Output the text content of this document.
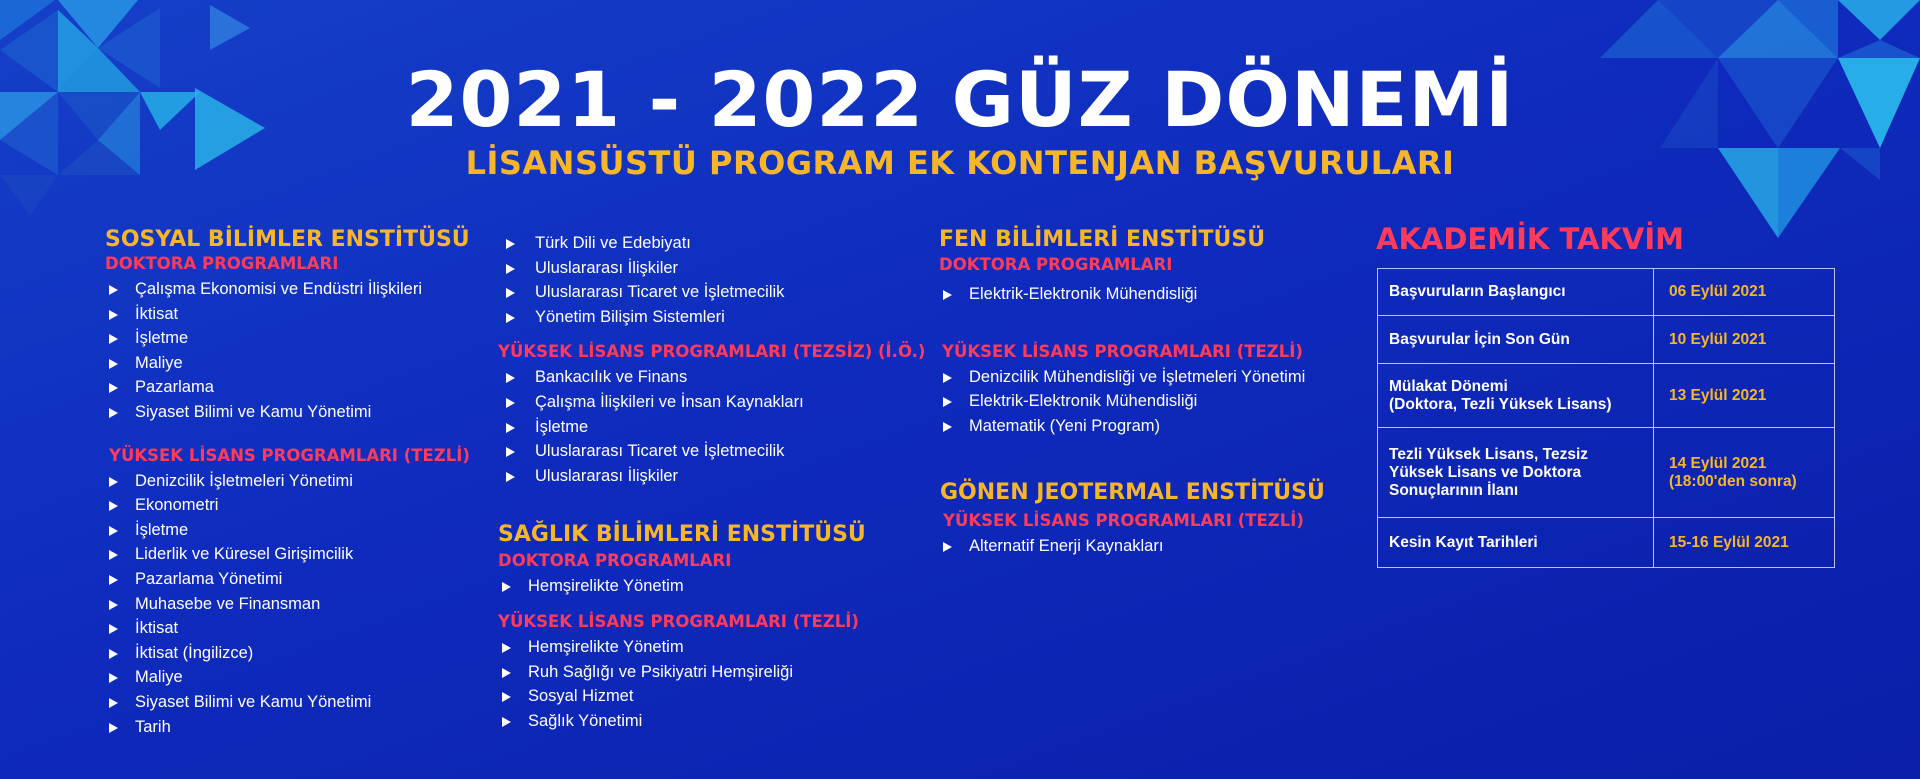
2021 - 2022 GÜZ DÖNEMİ
LİSANSÜSTÜ PROGRAM EK KONTENJAN BAŞVURULARI
SOSYAL BİLİMLER ENSTİTÜSÜ
DOKTORA PROGRAMLARI
Çalışma Ekonomisi ve Endüstri İlişkileri
İktisat
İşletme
Maliye
Pazarlama
Siyaset Bilimi ve Kamu Yönetimi
YÜKSEK LİSANS PROGRAMLARI (TEZLİ)
Denizcilik İşletmeleri Yönetimi
Ekonometri
İşletme
Liderlik ve Küresel Girişimcilik
Pazarlama Yönetimi
Muhasebe ve Finansman
İktisat
İktisat (İngilizce)
Maliye
Siyaset Bilimi ve Kamu Yönetimi
Tarih
Türk Dili ve Edebiyatı
Uluslararası İlişkiler
Uluslararası Ticaret ve İşletmecilik
Yönetim Bilişim Sistemleri
YÜKSEK LİSANS PROGRAMLARI (TEZSİZ) (İ.Ö.)
Bankacılık ve Finans
Çalışma İlişkileri ve İnsan Kaynakları
İşletme
Uluslararası Ticaret ve İşletmecilik
Uluslararası İlişkiler
SAĞLIK BİLİMLERİ ENSTİTÜSÜ
DOKTORA PROGRAMLARI
Hemşirelikte Yönetim
YÜKSEK LİSANS PROGRAMLARI (TEZLİ)
Hemşirelikte Yönetim
Ruh Sağlığı ve Psikiyatri Hemşireliği
Sosyal Hizmet
Sağlık Yönetimi
FEN BİLİMLERİ ENSTİTÜSÜ
DOKTORA PROGRAMLARI
Elektrik-Elektronik Mühendisliği
YÜKSEK LİSANS PROGRAMLARI (TEZLİ)
Denizcilik Mühendisliği ve İşletmeleri Yönetimi
Elektrik-Elektronik Mühendisliği
Matematik (Yeni Program)
GÖNEN JEOTERMAL ENSTİTÜSÜ
YÜKSEK LİSANS PROGRAMLARI (TEZLİ)
Alternatif Enerji Kaynakları
AKADEMİK TAKVİM
Başvuruların Başlangıcı	06 Eylül 2021
Başvurular İçin Son Gün	10 Eylül 2021
Mülakat Dönemi
(Doktora, Tezli Yüksek Lisans)	13 Eylül 2021
Tezli Yüksek Lisans, Tezsiz
Yüksek Lisans ve Doktora
Sonuçlarının İlanı	14 Eylül 2021
(18:00'den sonra)
Kesin Kayıt Tarihleri	15-16 Eylül 2021
